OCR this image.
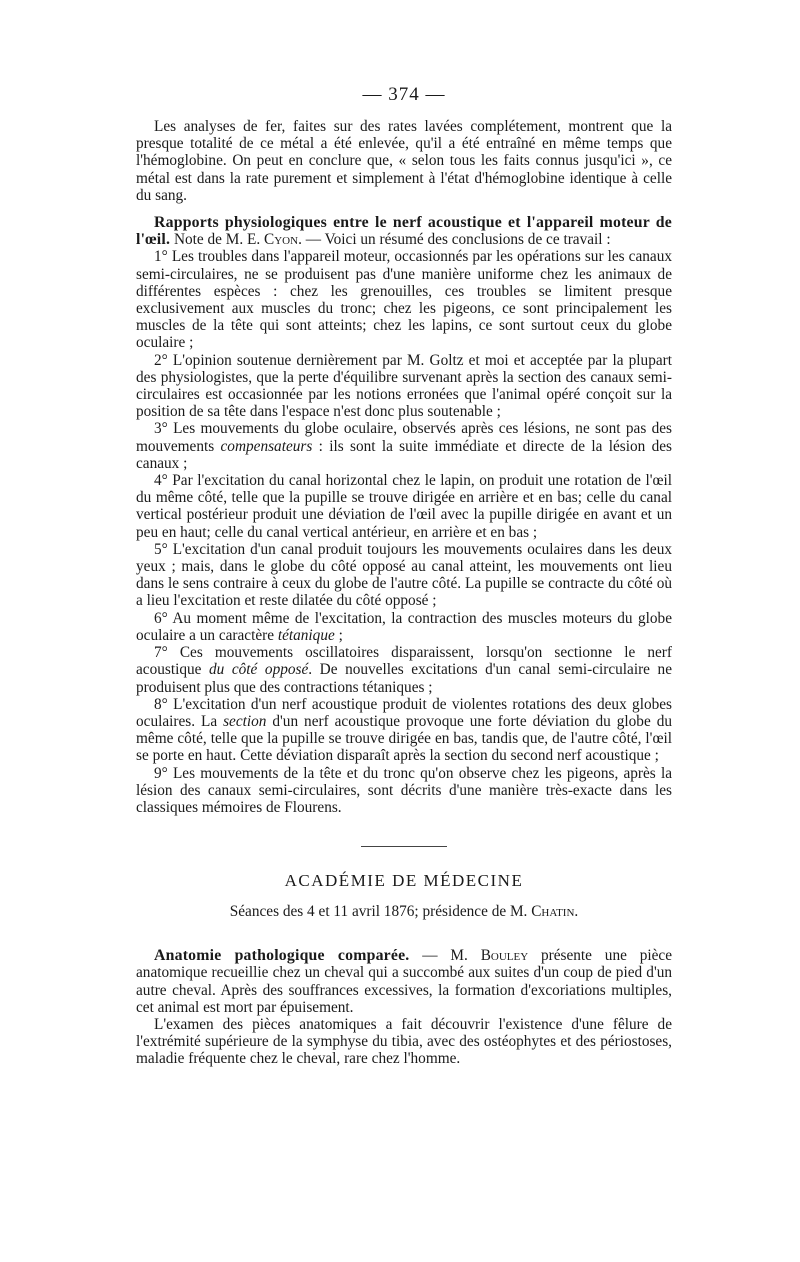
— 374 —

Les analyses de fer, faites sur des rates lavées complétement, montrent que la presque totalité de ce métal a été enlevée, qu'il a été entraîné en même temps que l'hémoglobine. On peut en conclure que, « selon tous les faits connus jusqu'ici », ce métal est dans la rate purement et simplement à l'état d'hémoglobine identique à celle du sang.

Rapports physiologiques entre le nerf acoustique et l'appareil moteur de l'œil. Note de M. E. Cyon. — Voici un résumé des conclusions de ce travail :

1° Les troubles dans l'appareil moteur, occasionnés par les opérations sur les canaux semi-circulaires, ne se produisent pas d'une manière uniforme chez les animaux de différentes espèces : chez les grenouilles, ces troubles se limitent presque exclusivement aux muscles du tronc; chez les pigeons, ce sont principalement les muscles de la tête qui sont atteints; chez les lapins, ce sont surtout ceux du globe oculaire ;

2° L'opinion soutenue dernièrement par M. Goltz et moi et acceptée par la plupart des physiologistes, que la perte d'équilibre survenant après la section des canaux semi-circulaires est occasionnée par les notions erronées que l'animal opéré conçoit sur la position de sa tête dans l'espace n'est donc plus soutenable ;

3° Les mouvements du globe oculaire, observés après ces lésions, ne sont pas des mouvements compensateurs : ils sont la suite immédiate et directe de la lésion des canaux ;

4° Par l'excitation du canal horizontal chez le lapin, on produit une rotation de l'œil du même côté, telle que la pupille se trouve dirigée en arrière et en bas; celle du canal vertical postérieur produit une déviation de l'œil avec la pupille dirigée en avant et un peu en haut; celle du canal vertical antérieur, en arrière et en bas ;

5° L'excitation d'un canal produit toujours les mouvements oculaires dans les deux yeux ; mais, dans le globe du côté opposé au canal atteint, les mouvements ont lieu dans le sens contraire à ceux du globe de l'autre côté. La pupille se contracte du côté où a lieu l'excitation et reste dilatée du côté opposé ;

6° Au moment même de l'excitation, la contraction des muscles moteurs du globe oculaire a un caractère tétanique ;

7° Ces mouvements oscillatoires disparaissent, lorsqu'on sectionne le nerf acoustique du côté opposé. De nouvelles excitations d'un canal semi-circulaire ne produisent plus que des contractions tétaniques ;

8° L'excitation d'un nerf acoustique produit de violentes rotations des deux globes oculaires. La section d'un nerf acoustique provoque une forte déviation du globe du même côté, telle que la pupille se trouve dirigée en bas, tandis que, de l'autre côté, l'œil se porte en haut. Cette déviation disparaît après la section du second nerf acoustique ;

9° Les mouvements de la tête et du tronc qu'on observe chez les pigeons, après la lésion des canaux semi-circulaires, sont décrits d'une manière très-exacte dans les classiques mémoires de Flourens.

ACADÉMIE DE MÉDECINE
Séances des 4 et 11 avril 1876; présidence de M. Chatin.

Anatomie pathologique comparée. — M. Bouley présente une pièce anatomique recueillie chez un cheval qui a succombé aux suites d'un coup de pied d'un autre cheval. Après des souffrances excessives, la formation d'excoriations multiples, cet animal est mort par épuisement.

L'examen des pièces anatomiques a fait découvrir l'existence d'une fêlure de l'extrémité supérieure de la symphyse du tibia, avec des ostéophytes et des périostoses, maladie fréquente chez le cheval, rare chez l'homme.
